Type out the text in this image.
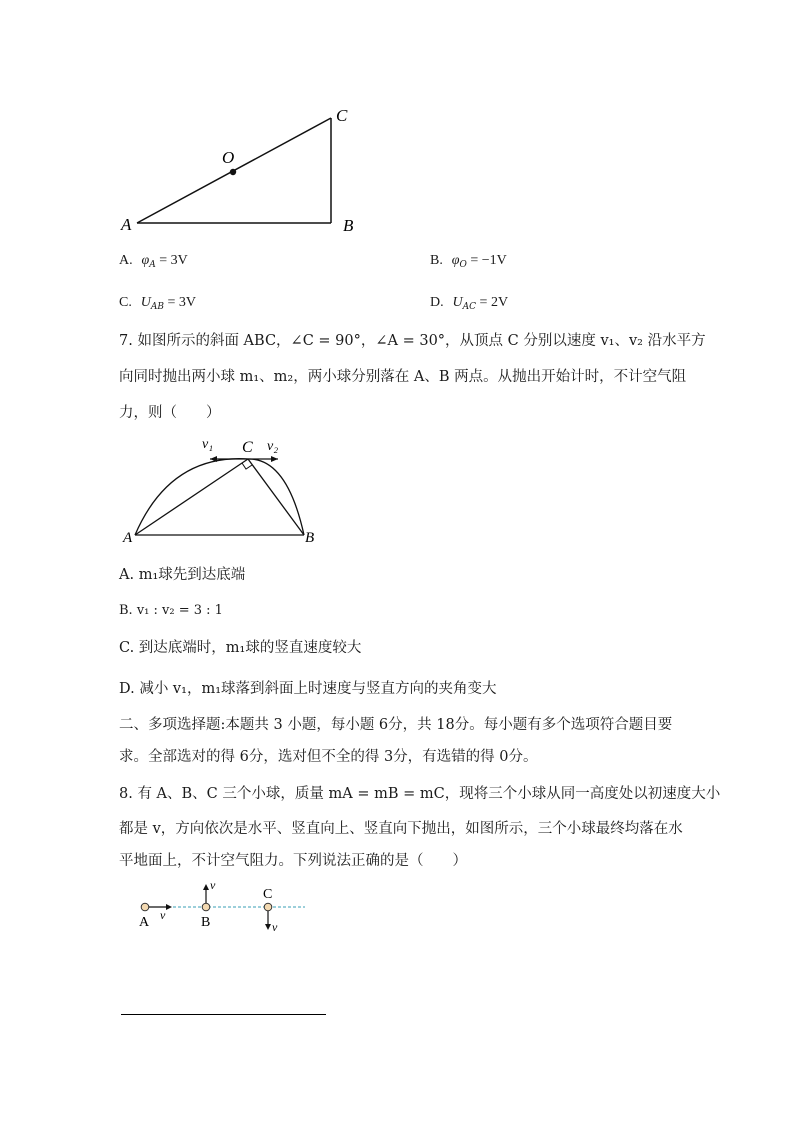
O
A	B
C
A. $\varphi_A = 3V$	B. $\varphi_O = -1V$
C. $U_{AB} = 3V$	D. $U_{AC} = 2V$
7. 如图所示的斜面 ABC，∠C = 90°，∠A = 30°，从顶点 C 分别以速度 v₁、v₂ 沿水平方
向同时抛出两小球 m₁、m₂，两小球分别落在 A、B 两点。从抛出开始计时，不计空气阻
力，则（　　）
v₁	v₂
C
A	B
A. m₁球先到达底端
B. v₁ : v₂ = 3 : 1
C. 到达底端时，m₁球的竖直速度较大
D. 减小 v₁，m₁球落到斜面上时速度与竖直方向的夹角变大
二、多项选择题:本题共 3 小题，每小题 6分，共 18分。每小题有多个选项符合题目要
求。全部选对的得 6分，选对但不全的得 3分，有选错的得 0分。
8. 有 A、B、C 三个小球，质量 mA = mB = mC，现将三个小球从同一高度处以初速度大小
都是 v，方向依次是水平、竖直向上、竖直向下抛出，如图所示，三个小球最终均落在水
平地面上，不计空气阻力。下列说法正确的是（　　）
A v	B
v
C
v
